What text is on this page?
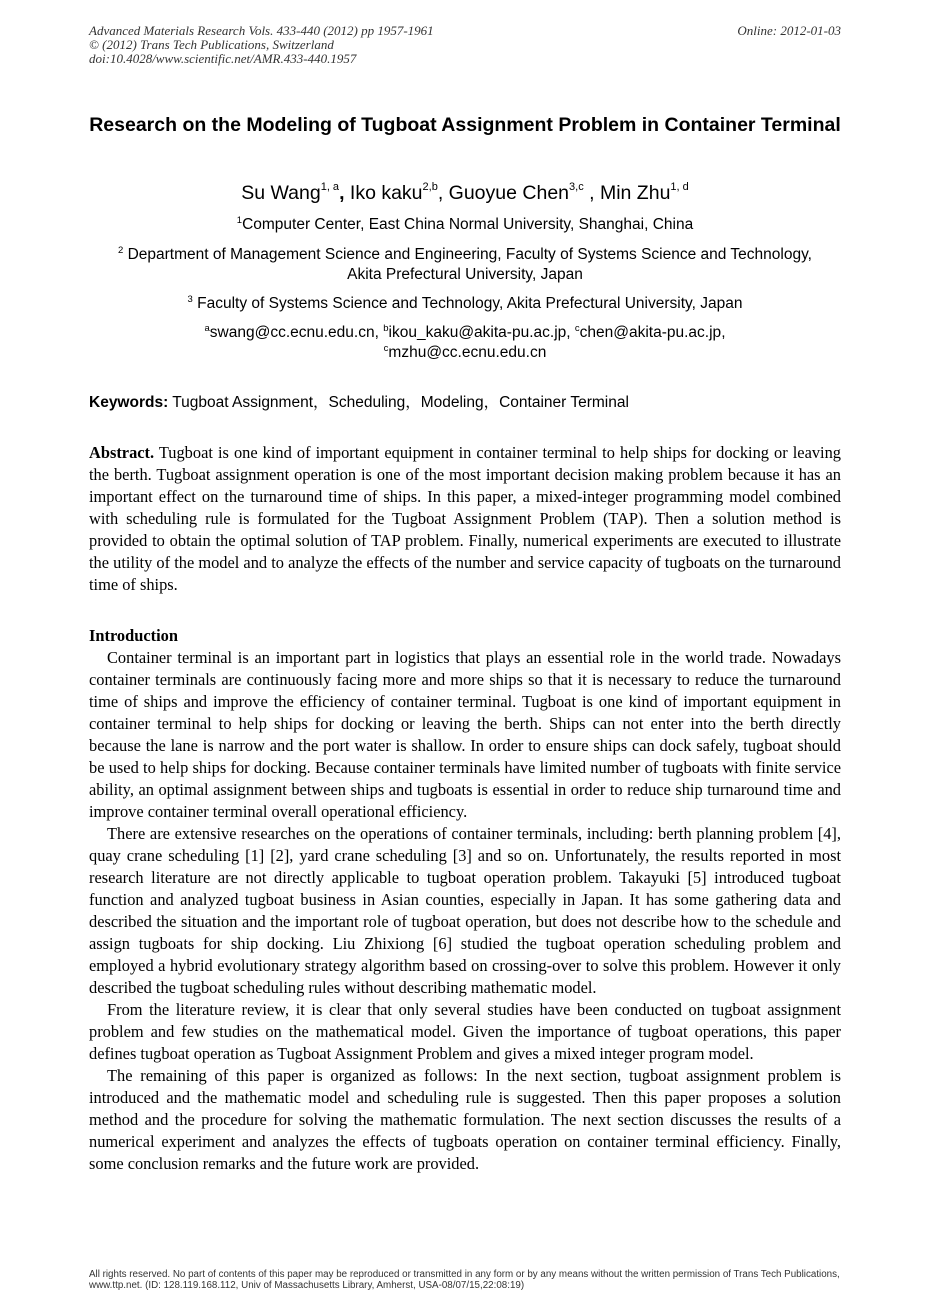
Advanced Materials Research Vols. 433-440 (2012) pp 1957-1961
© (2012) Trans Tech Publications, Switzerland
doi:10.4028/www.scientific.net/AMR.433-440.1957
Online: 2012-01-03
Research on the Modeling of Tugboat Assignment Problem in Container Terminal
Su Wang$^{1, a}$, Iko kaku$^{2,b}$, Guoyue Chen$^{3,c}$ , Min Zhu$^{1, d}$
$^1$Computer Center, East China Normal University, Shanghai, China
$^2$ Department of Management Science and Engineering, Faculty of Systems Science and Technology, Akita Prefectural University, Japan
$^3$ Faculty of Systems Science and Technology, Akita Prefectural University, Japan
$^a$swang@cc.ecnu.edu.cn, $^b$ikou_kaku@akita-pu.ac.jp, $^c$chen@akita-pu.ac.jp,
$^c$mzhu@cc.ecnu.edu.cn
Keywords: Tugboat Assignment，Scheduling，Modeling，Container Terminal

Abstract. Tugboat is one kind of important equipment in container terminal to help ships for docking or leaving the berth. Tugboat assignment operation is one of the most important decision making problem because it has an important effect on the turnaround time of ships. In this paper, a mixed-integer programming model combined with scheduling rule is formulated for the Tugboat Assignment Problem (TAP). Then a solution method is provided to obtain the optimal solution of TAP problem. Finally, numerical experiments are executed to illustrate the utility of the model and to analyze the effects of the number and service capacity of tugboats on the turnaround time of ships.

Introduction

Container terminal is an important part in logistics that plays an essential role in the world trade. Nowadays container terminals are continuously facing more and more ships so that it is necessary to reduce the turnaround time of ships and improve the efficiency of container terminal. Tugboat is one kind of important equipment in container terminal to help ships for docking or leaving the berth. Ships can not enter into the berth directly because the lane is narrow and the port water is shallow. In order to ensure ships can dock safely, tugboat should be used to help ships for docking. Because container terminals have limited number of tugboats with finite service ability, an optimal assignment between ships and tugboats is essential in order to reduce ship turnaround time and improve container terminal overall operational efficiency.

There are extensive researches on the operations of container terminals, including: berth planning problem [4], quay crane scheduling [1] [2], yard crane scheduling [3] and so on. Unfortunately, the results reported in most research literature are not directly applicable to tugboat operation problem. Takayuki [5] introduced tugboat function and analyzed tugboat business in Asian counties, especially in Japan. It has some gathering data and described the situation and the important role of tugboat operation, but does not describe how to the schedule and assign tugboats for ship docking. Liu Zhixiong [6] studied the tugboat operation scheduling problem and employed a hybrid evolutionary strategy algorithm based on crossing-over to solve this problem. However it only described the tugboat scheduling rules without describing mathematic model.

From the literature review, it is clear that only several studies have been conducted on tugboat assignment problem and few studies on the mathematical model. Given the importance of tugboat operations, this paper defines tugboat operation as Tugboat Assignment Problem and gives a mixed integer program model.

The remaining of this paper is organized as follows: In the next section, tugboat assignment problem is introduced and the mathematic model and scheduling rule is suggested. Then this paper proposes a solution method and the procedure for solving the mathematic formulation. The next section discusses the results of a numerical experiment and analyzes the effects of tugboats operation on container terminal efficiency. Finally, some conclusion remarks and the future work are provided.

All rights reserved. No part of contents of this paper may be reproduced or transmitted in any form or by any means without the written permission of Trans Tech Publications, www.ttp.net. (ID: 128.119.168.112, Univ of Massachusetts Library, Amherst, USA-08/07/15,22:08:19)
